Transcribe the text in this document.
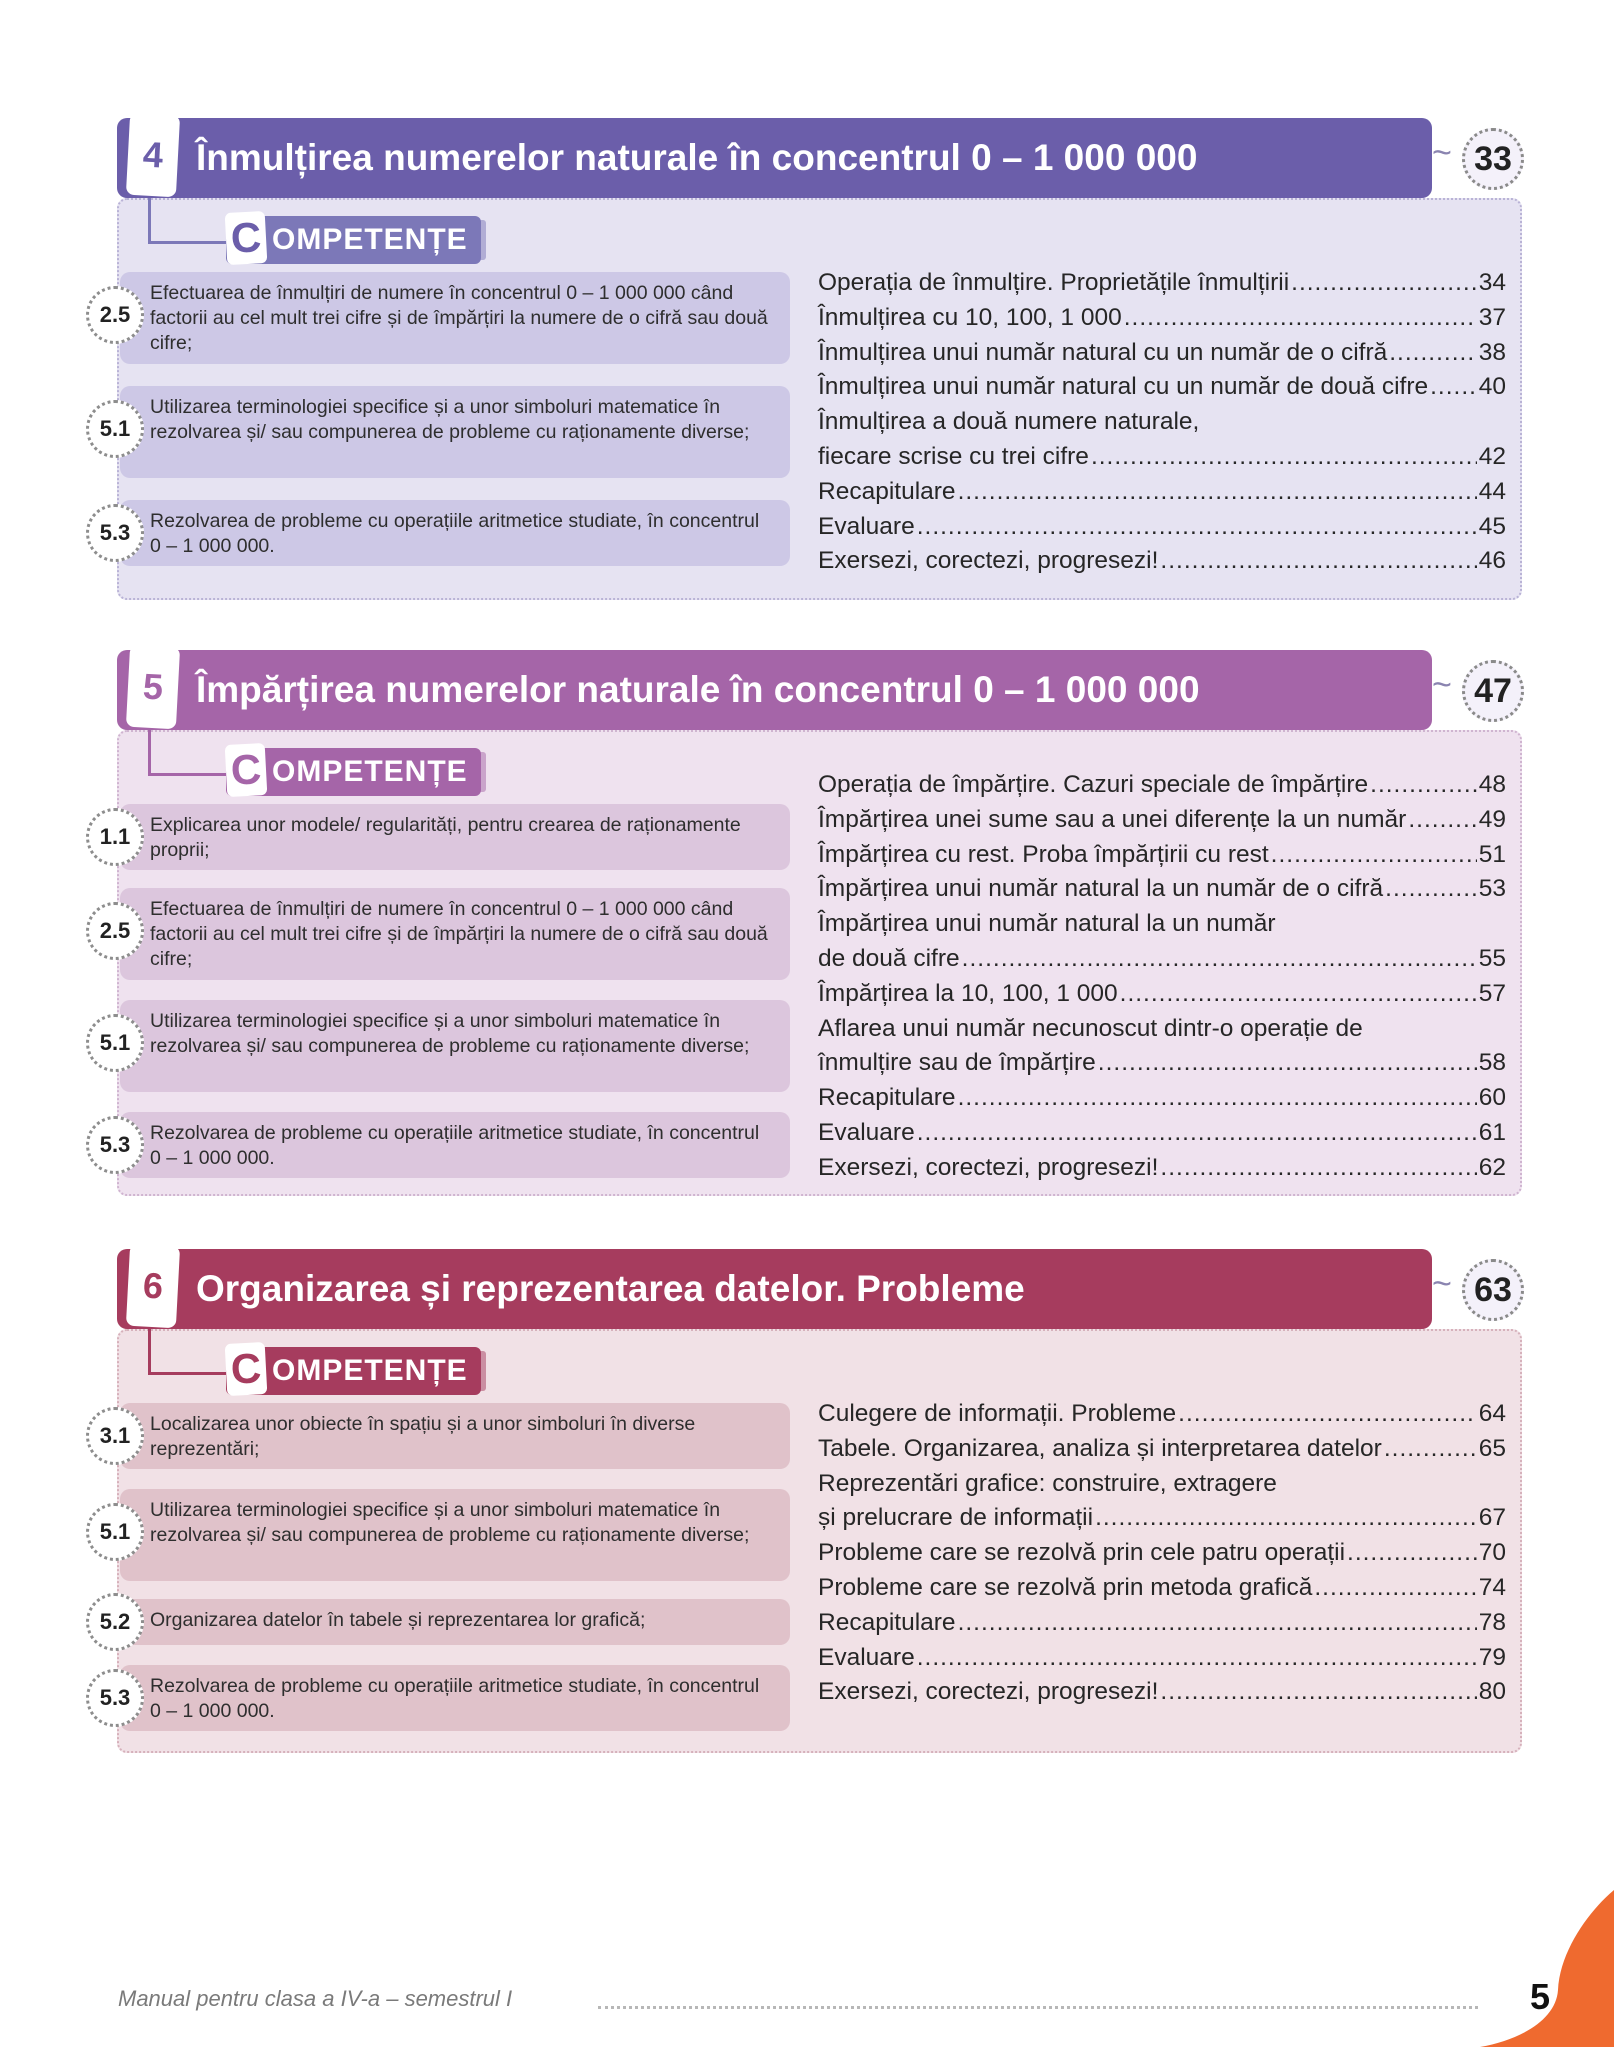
4 Înmulțirea numerelor naturale în concentrul 0 – 1 000 000	~ 33
C OMPETENȚE
Efectuarea de înmulțiri de numere în concentrul 0 – 1 000 000 când factorii au cel mult trei cifre și de împărțiri la numere de o cifră sau două cifre;
2.5
Utilizarea terminologiei specifice și a unor simboluri matematice în rezolvarea și/ sau compunerea de probleme cu raționamente diverse;
5.1
Rezolvarea de probleme cu operațiile aritmetice studiate, în concentrul 0 – 1 000 000.
5.3
Operația de înmulțire. Proprietățile înmulțirii .....	34
Înmulțirea cu 10, 100, 1 000 .....	37
Înmulțirea unui număr natural cu un număr de o cifră .....	38
Înmulțirea unui număr natural cu un număr de două cifre ..... 40
Înmulțirea a două numere naturale,
fiecare scrise cu trei cifre .....	42
Recapitulare .....	44
Evaluare .....	45
Exersezi, corectezi, progresezi! .....	46
5 Împărțirea numerelor naturale în concentrul 0 – 1 000 000	~ 47
C OMPETENȚE
Explicarea unor modele/ regularități, pentru crearea de raționamente proprii;
1.1
Efectuarea de înmulțiri de numere în concentrul 0 – 1 000 000 când factorii au cel mult trei cifre și de împărțiri la numere de o cifră sau două cifre;
2.5
Utilizarea terminologiei specifice și a unor simboluri matematice în rezolvarea și/ sau compunerea de probleme cu raționamente diverse;
5.1
Rezolvarea de probleme cu operațiile aritmetice studiate, în concentrul 0 – 1 000 000.
5.3
Operația de împărțire. Cazuri speciale de împărțire .....	48
Împărțirea unei sume sau a unei diferențe la un număr .....	49
Împărțirea cu rest. Proba împărțirii cu rest .....	51
Împărțirea unui număr natural la un număr de o cifră .....	53
Împărțirea unui număr natural la un număr
de două cifre .....	55
Împărțirea la 10, 100, 1 000 .....	57
Aflarea unui număr necunoscut dintr-o operație de
înmulțire sau de împărțire .....	58
Recapitulare .....	60
Evaluare .....	61
Exersezi, corectezi, progresezi! .....	62
6 Organizarea și reprezentarea datelor. Probleme	~ 63
C OMPETENȚE
Localizarea unor obiecte în spațiu și a unor simboluri în diverse reprezentări;
3.1
Utilizarea terminologiei specifice și a unor simboluri matematice în rezolvarea și/ sau compunerea de probleme cu raționamente diverse;
5.1
Organizarea datelor în tabele și reprezentarea lor grafică;
5.2
Rezolvarea de probleme cu operațiile aritmetice studiate, în concentrul 0 – 1 000 000.
5.3
Culegere de informații. Probleme .....	64
Tabele. Organizarea, analiza și interpretarea datelor .....	65
Reprezentări grafice: construire, extragere
și prelucrare de informații .....	67
Probleme care se rezolvă prin cele patru operații .....	70
Probleme care se rezolvă prin metoda grafică .....	74
Recapitulare .....	78
Evaluare .....	79
Exersezi, corectezi, progresezi! .....	80
Manual pentru clasa a IV-a – semestrul I	5
